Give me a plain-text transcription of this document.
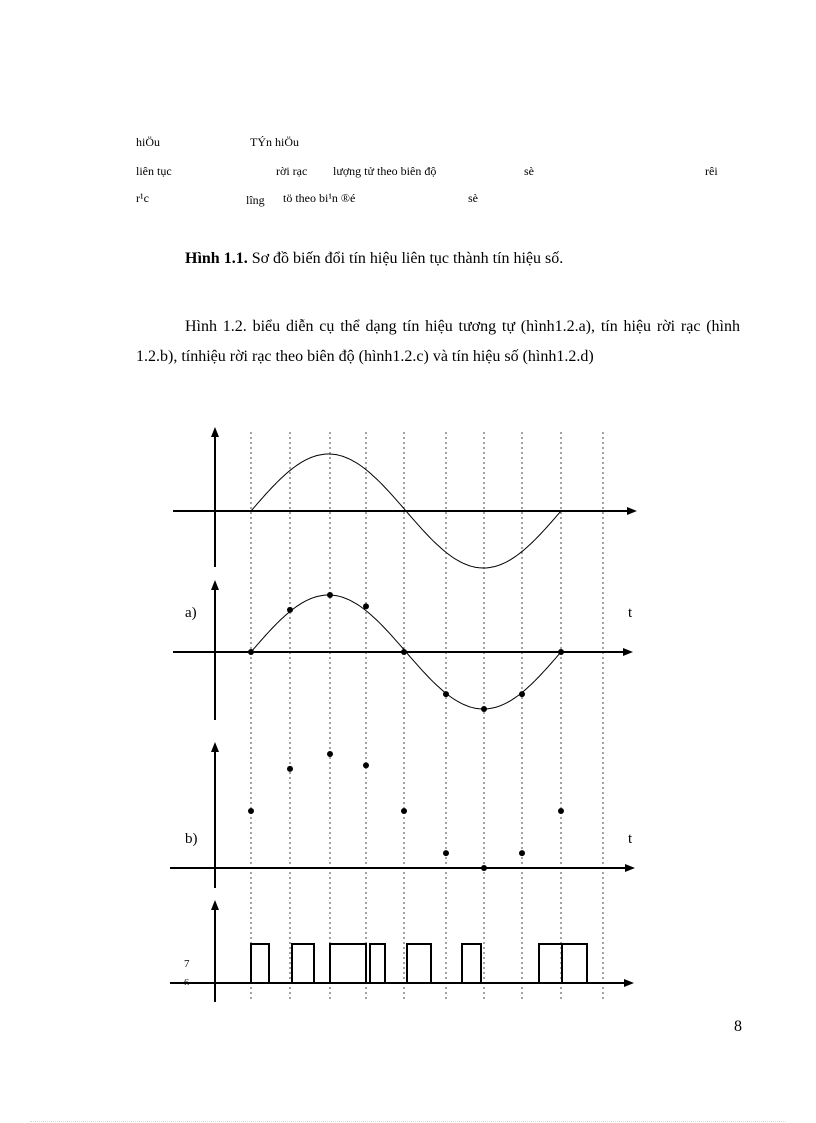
hiÖu	TÝn hiÖu
liên tục	rời rạc lượng tử theo biên độ	sè	rêi
r¹c	lîng tö theo bi¹n ®é	sè
Hình 1.1. Sơ đồ biến đổi tín hiệu liên tục thành tín hiệu số.
Hình 1.2. biểu diễn cụ thể dạng tín hiệu tương tự (hình1.2.a), tín hiệu rời rạc (hình 1.2.b), tínhiệu rời rạc theo biên độ (hình1.2.c) và tín hiệu số (hình1.2.d)
a)	t
b)	t
7
6
8
